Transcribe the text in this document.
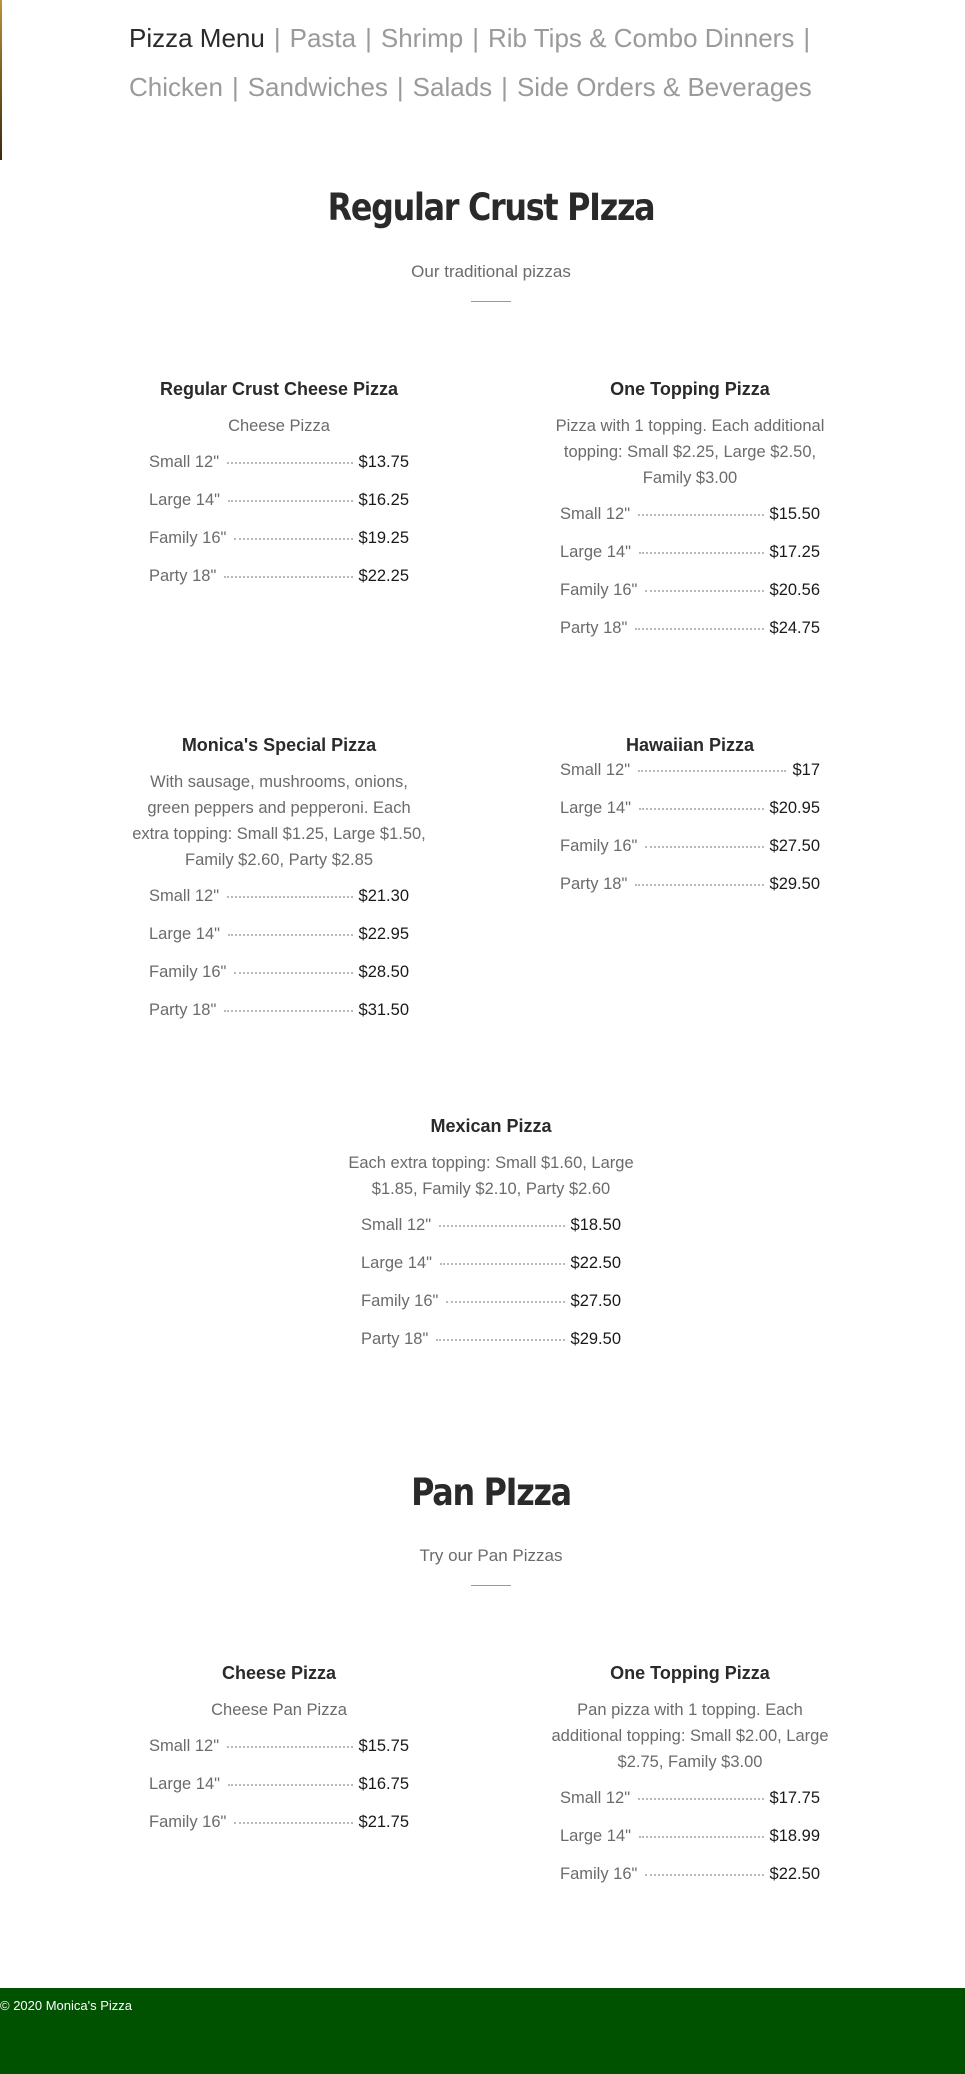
Pizza Menu | Pasta | Shrimp | Rib Tips & Combo Dinners |
Chicken | Sandwiches | Salads | Side Orders & Beverages
Regular Crust PIzza

Our traditional pizzas

Regular Crust Cheese Pizza

Cheese Pizza

Small 12"	$13.75
Large 14"	$16.25
Family 16"	$19.25
Party 18"	$22.25
One Topping Pizza

Pizza with 1 topping. Each additional topping: Small $2.25, Large $2.50, Family $3.00

Small 12"	$15.50
Large 14"	$17.25
Family 16"	$20.56
Party 18"	$24.75
Monica's Special Pizza

With sausage, mushrooms, onions, green peppers and pepperoni. Each extra topping: Small $1.25, Large $1.50, Family $2.60, Party $2.85

Small 12"	$21.30
Large 14"	$22.95
Family 16"	$28.50
Party 18"	$31.50
Hawaiian Pizza
Small 12"	$17
Large 14"	$20.95
Family 16"	$27.50
Party 18"	$29.50
Mexican Pizza

Each extra topping: Small $1.60, Large $1.85, Family $2.10, Party $2.60

Small 12"	$18.50
Large 14"	$22.50
Family 16"	$27.50
Party 18"	$29.50
Pan PIzza

Try our Pan Pizzas

Cheese Pizza

Cheese Pan Pizza

Small 12"	$15.75
Large 14"	$16.75
Family 16"	$21.75
One Topping Pizza

Pan pizza with 1 topping. Each additional topping: Small $2.00, Large $2.75, Family $3.00

Small 12"	$17.75
Large 14"	$18.99
Family 16"	$22.50
© 2020 Monica's Pizza
